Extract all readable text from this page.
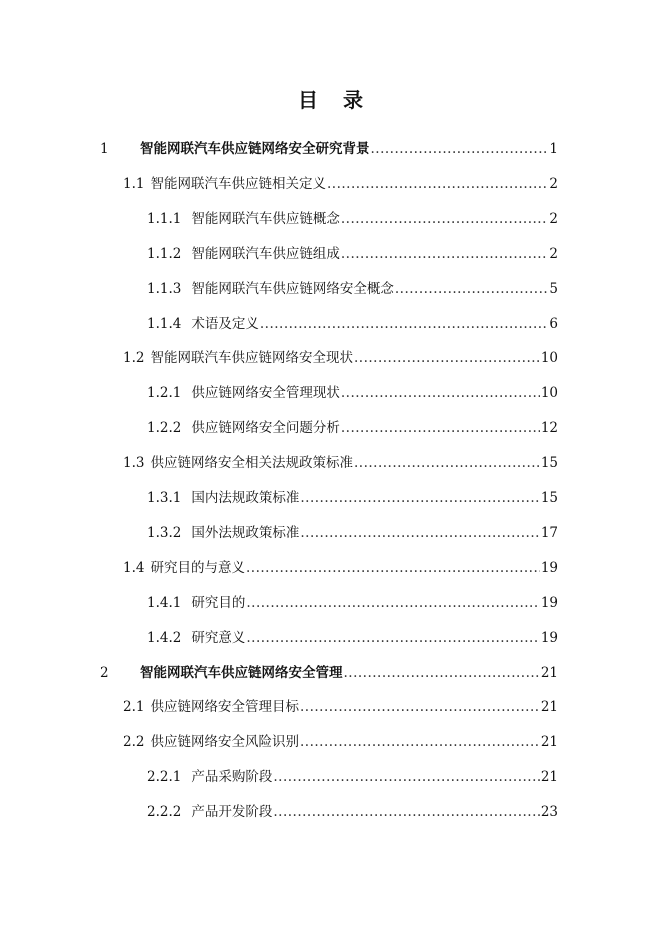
目 录
1	智能网联汽车供应链网络安全研究背景 .....	1
1.1 智能网联汽车供应链相关定义 .....	2
1.1.1 智能网联汽车供应链概念 .....	2
1.1.2 智能网联汽车供应链组成 .....	2
1.1.3 智能网联汽车供应链网络安全概念 .....	5
1.1.4 术语及定义 .....	6
1.2 智能网联汽车供应链网络安全现状 .....	10
1.2.1 供应链网络安全管理现状 .....	10
1.2.2 供应链网络安全问题分析 .....	12
1.3 供应链网络安全相关法规政策标准 .....	15
1.3.1 国内法规政策标准 .....	15
1.3.2 国外法规政策标准 .....	17
1.4 研究目的与意义 .....	19
1.4.1 研究目的 .....	19
1.4.2 研究意义 .....	19
2	智能网联汽车供应链网络安全管理 .....	21
2.1 供应链网络安全管理目标 .....	21
2.2 供应链网络安全风险识别 .....	21
2.2.1 产品采购阶段 .....	21
2.2.2 产品开发阶段 .....	23
